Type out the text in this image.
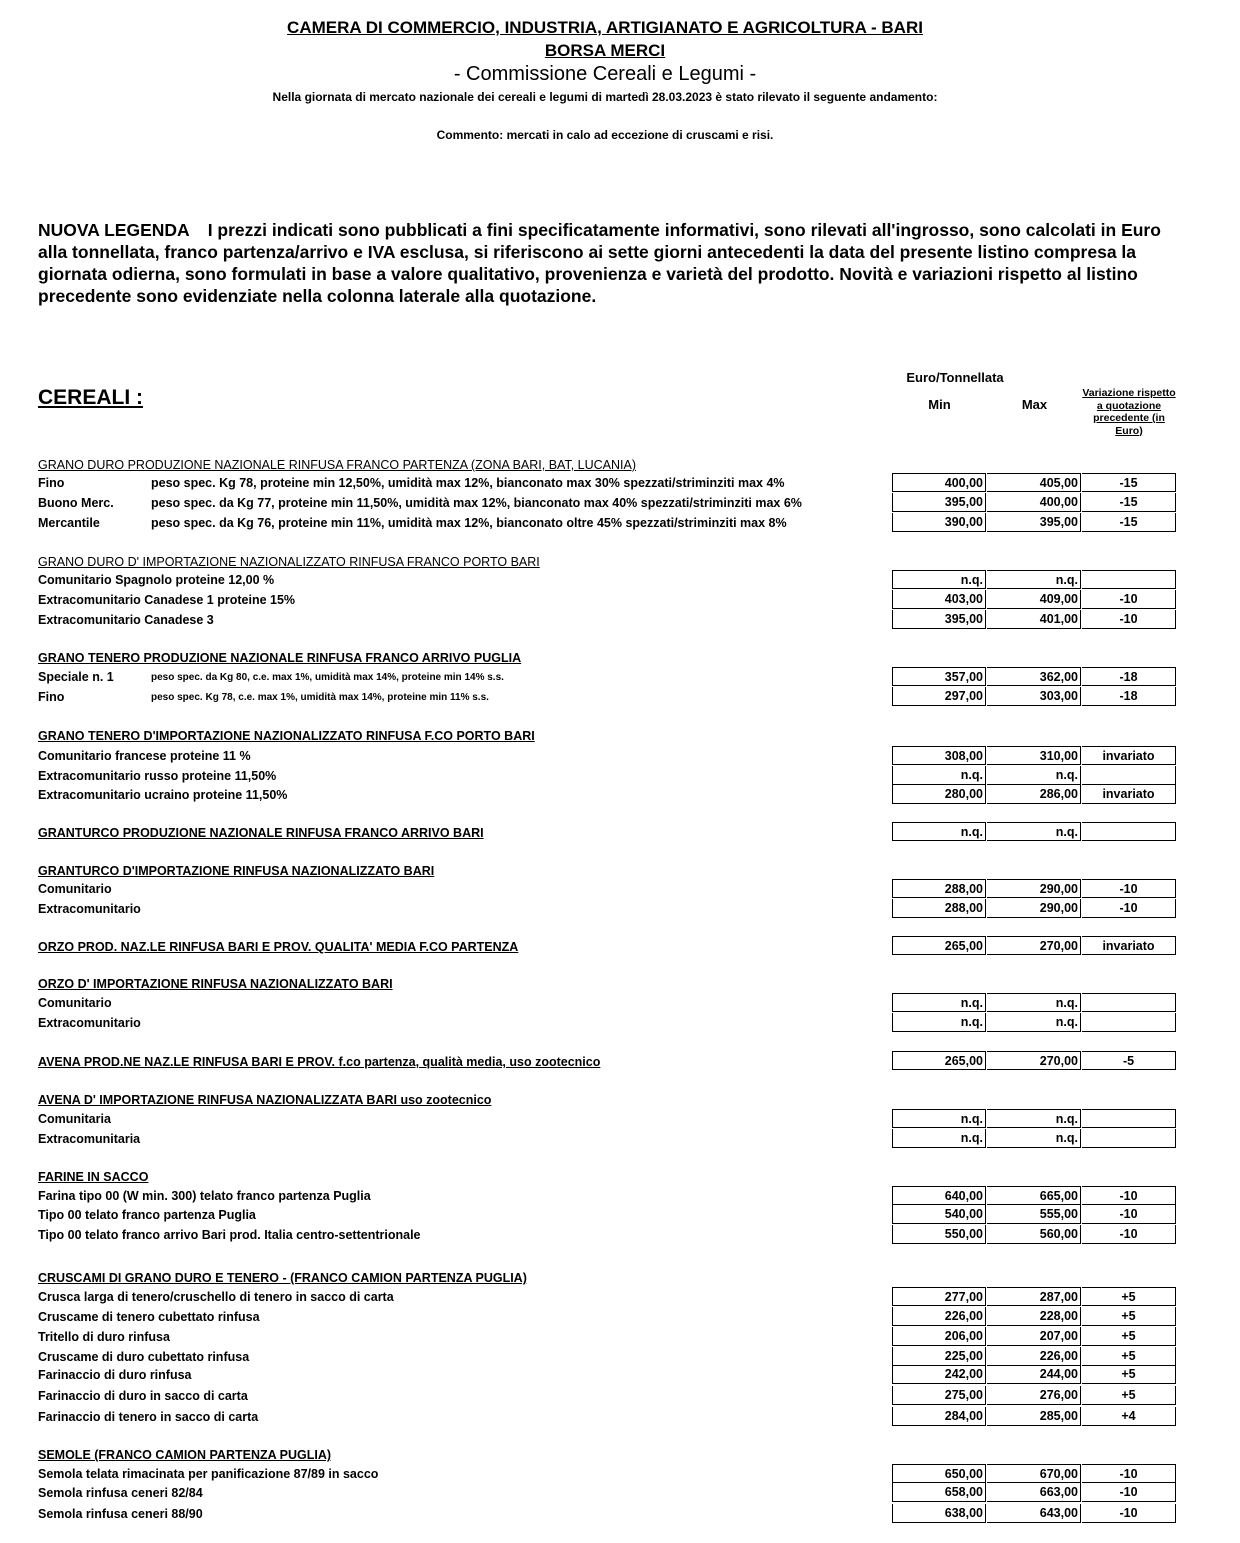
CAMERA DI COMMERCIO, INDUSTRIA, ARTIGIANATO E AGRICOLTURA - BARI
BORSA MERCI
- Commissione Cereali e Legumi -
Nella giornata di mercato nazionale dei cereali e legumi di martedì 28.03.2023 è stato rilevato il seguente andamento:
Commento: mercati in calo ad eccezione di cruscami e risi.
NUOVA LEGENDA I prezzi indicati sono pubblicati a fini specificatamente informativi, sono rilevati all'ingrosso, sono calcolati in Euro alla tonnellata, franco partenza/arrivo e IVA esclusa, si riferiscono ai sette giorni antecedenti la data del presente listino compresa la giornata odierna, sono formulati in base a valore qualitativo, provenienza e varietà del prodotto. Novità e variazioni rispetto al listino precedente sono evidenziate nella colonna laterale alla quotazione.
CEREALI :
Euro/Tonnellata
Min	Max
Variazione rispetto a quotazione precedente (in Euro)
GRANO DURO PRODUZIONE NAZIONALE RINFUSA FRANCO PARTENZA (ZONA BARI, BAT, LUCANIA)
Fino	peso spec. Kg 78, proteine min 12,50%, umidità max 12%, bianconato max 30% spezzati/striminziti max 4%	400,00	405,00	-15
Buono Merc.	peso spec. da Kg 77, proteine min 11,50%, umidità max 12%, bianconato max 40% spezzati/striminziti max 6%	395,00	400,00	-15
Mercantile	peso spec. da Kg 76, proteine min 11%, umidità max 12%, bianconato oltre 45% spezzati/striminziti max 8%	390,00	395,00	-15
GRANO DURO D' IMPORTAZIONE NAZIONALIZZATO RINFUSA FRANCO PORTO BARI
Comunitario Spagnolo proteine 12,00 %	n.q.	n.q.
Extracomunitario Canadese 1 proteine 15%	403,00	409,00	-10
Extracomunitario Canadese 3	395,00	401,00	-10
GRANO TENERO PRODUZIONE NAZIONALE RINFUSA FRANCO ARRIVO PUGLIA
Speciale n. 1	peso spec. da Kg 80, c.e. max 1%, umidità max 14%, proteine min 14% s.s.	357,00	362,00	-18
Fino	peso spec. Kg 78, c.e. max 1%, umidità max 14%, proteine min 11% s.s.	297,00	303,00	-18
GRANO TENERO D'IMPORTAZIONE NAZIONALIZZATO RINFUSA F.CO PORTO BARI
Comunitario francese proteine 11 %	308,00	310,00	invariato
Extracomunitario russo proteine 11,50%	n.q.	n.q.
Extracomunitario ucraino proteine 11,50%	280,00	286,00	invariato
GRANTURCO PRODUZIONE NAZIONALE RINFUSA FRANCO ARRIVO BARI	n.q.	n.q.
GRANTURCO D'IMPORTAZIONE RINFUSA NAZIONALIZZATO BARI
Comunitario	288,00	290,00	-10
Extracomunitario	288,00	290,00	-10
ORZO PROD. NAZ.LE RINFUSA BARI E PROV. QUALITA' MEDIA F.CO PARTENZA	265,00	270,00	invariato
ORZO D' IMPORTAZIONE RINFUSA NAZIONALIZZATO BARI
Comunitario	n.q.	n.q.
Extracomunitario	n.q.	n.q.
AVENA PROD.NE NAZ.LE RINFUSA BARI E PROV. f.co partenza, qualità media, uso zootecnico	265,00	270,00	-5
AVENA D' IMPORTAZIONE RINFUSA NAZIONALIZZATA BARI uso zootecnico
Comunitaria	n.q.	n.q.
Extracomunitaria	n.q.	n.q.
FARINE IN SACCO
Farina tipo 00 (W min. 300) telato franco partenza Puglia	640,00	665,00	-10
Tipo 00 telato franco partenza Puglia	540,00	555,00	-10
Tipo 00 telato franco arrivo Bari prod. Italia centro-settentrionale	550,00	560,00	-10
CRUSCAMI DI GRANO DURO E TENERO - (FRANCO CAMION PARTENZA PUGLIA)
Crusca larga di tenero/cruschello di tenero in sacco di carta	277,00	287,00	+5
Cruscame di tenero cubettato rinfusa	226,00	228,00	+5
Tritello di duro rinfusa	206,00	207,00	+5
Cruscame di duro cubettato rinfusa	225,00	226,00	+5
Farinaccio di duro rinfusa	242,00	244,00	+5
Farinaccio di duro in sacco di carta	275,00	276,00	+5
Farinaccio di tenero in sacco di carta	284,00	285,00	+4
SEMOLE (FRANCO CAMION PARTENZA PUGLIA)
Semola telata rimacinata per panificazione 87/89 in sacco	650,00	670,00	-10
Semola rinfusa ceneri 82/84	658,00	663,00	-10
Semola rinfusa ceneri 88/90	638,00	643,00	-10
